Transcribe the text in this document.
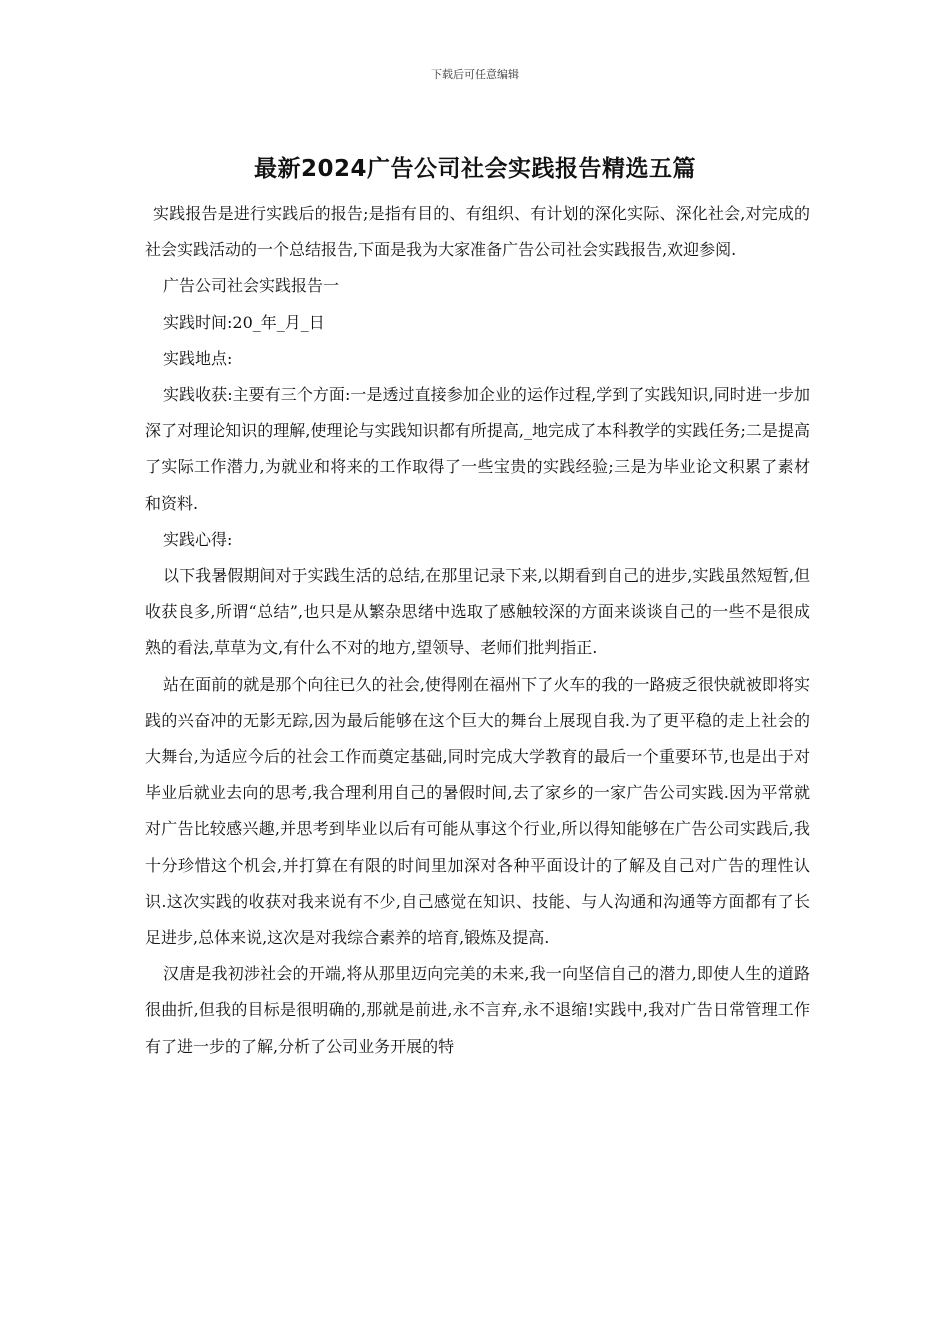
下载后可任意编辑
最新2024广告公司社会实践报告精选五篇

实践报告是进行实践后的报告;是指有目的、有组织、有计划的深化实际、深化社会,对完成的社会实践活动的一个总结报告,下面是我为大家准备广告公司社会实践报告,欢迎参阅.

广告公司社会实践报告一

实践时间:20_年_月_日

实践地点:

实践收获:主要有三个方面:一是透过直接参加企业的运作过程,学到了实践知识,同时进一步加深了对理论知识的理解,使理论与实践知识都有所提高,_地完成了本科教学的实践任务;二是提高了实际工作潜力,为就业和将来的工作取得了一些宝贵的实践经验;三是为毕业论文积累了素材和资料.

实践心得:

以下我暑假期间对于实践生活的总结,在那里记录下来,以期看到自己的进步,实践虽然短暂,但收获良多,所谓“总结”,也只是从繁杂思绪中选取了感触较深的方面来谈谈自己的一些不是很成熟的看法,草草为文,有什么不对的地方,望领导、老师们批判指正.

站在面前的就是那个向往已久的社会,使得刚在福州下了火车的我的一路疲乏很快就被即将实践的兴奋冲的无影无踪,因为最后能够在这个巨大的舞台上展现自我.为了更平稳的走上社会的大舞台,为适应今后的社会工作而奠定基础,同时完成大学教育的最后一个重要环节,也是出于对毕业后就业去向的思考,我合理利用自己的暑假时间,去了家乡的一家广告公司实践.因为平常就对广告比较感兴趣,并思考到毕业以后有可能从事这个行业,所以得知能够在广告公司实践后,我十分珍惜这个机会,并打算在有限的时间里加深对各种平面设计的了解及自己对广告的理性认识.这次实践的收获对我来说有不少,自己感觉在知识、技能、与人沟通和沟通等方面都有了长足进步,总体来说,这次是对我综合素养的培育,锻炼及提高.

汉唐是我初涉社会的开端,将从那里迈向完美的未来,我一向坚信自己的潜力,即使人生的道路很曲折,但我的目标是很明确的,那就是前进,永不言弃,永不退缩!实践中,我对广告日常管理工作有了进一步的了解,分析了公司业务开展的特
